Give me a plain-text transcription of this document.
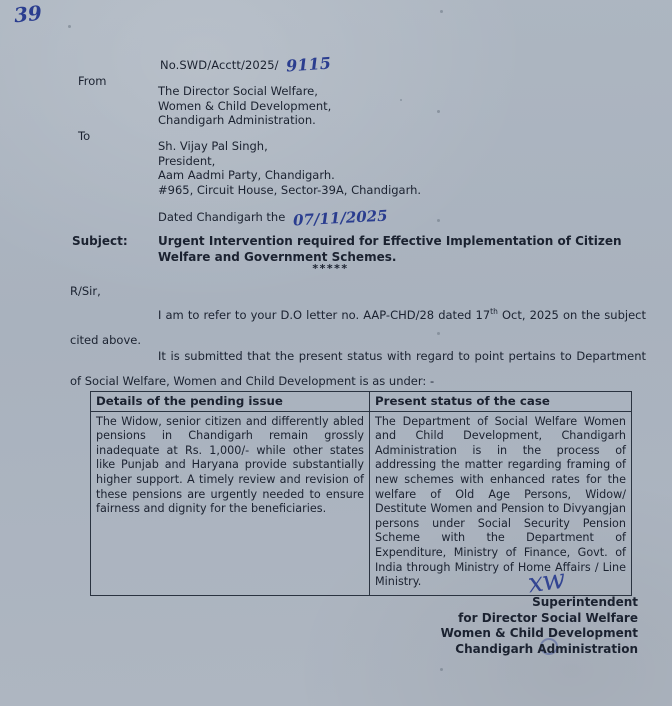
39
No.SWD/Acctt/2025/ 9115
From
The Director Social Welfare,
Women & Child Development,
Chandigarh Administration.
To
Sh. Vijay Pal Singh,
President,
Aam Aadmi Party, Chandigarh.
#965, Circuit House, Sector-39A, Chandigarh.
Dated Chandigarh the 07/11/2025
Subject:	Urgent Intervention required for Effective Implementation of Citizen Welfare and Government Schemes.
*****
R/Sir,
I am to refer to your D.O letter no. AAP-CHD/28 dated 17th Oct, 2025 on the subject cited above.
It is submitted that the present status with regard to point pertains to Department of Social Welfare, Women and Child Development is as under: -
Details of the pending issue	Present status of the case
The Widow, senior citizen and differently abled pensions in Chandigarh remain grossly inadequate at Rs. 1,000/- while other states like Punjab and Haryana provide substantially higher support. A timely review and revision of these pensions are urgently needed to ensure fairness and dignity for the beneficiaries.	The Department of Social Welfare Women and Child Development, Chandigarh Administration is in the process of addressing the matter regarding framing of new schemes with enhanced rates for the welfare of Old Age Persons, Widow/ Destitute Women and Pension to Divyangjan persons under Social Security Pension Scheme with the Department of Expenditure, Ministry of Finance, Govt. of India through Ministry of Home Affairs / Line Ministry.	xw
Superintendent
for Director Social Welfare
Women & Child Development
Chandigarh Administration
